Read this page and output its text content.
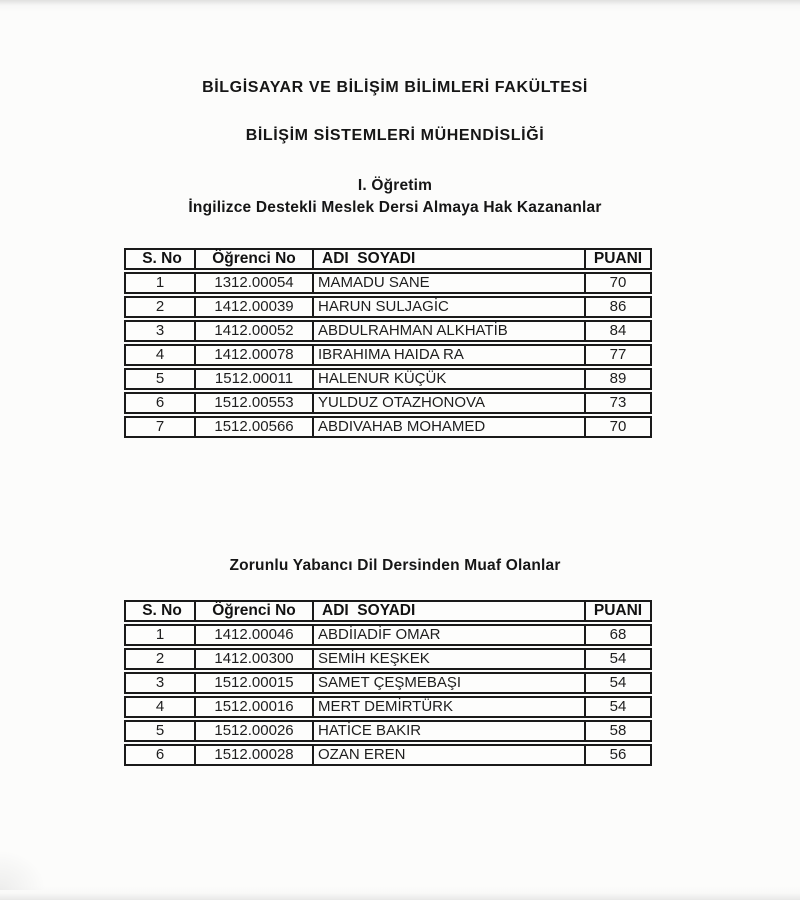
BİLGİSAYAR VE BİLİŞİM BİLİMLERİ FAKÜLTESİ
BİLİŞİM SİSTEMLERİ MÜHENDİSLİĞİ
I. Öğretim
İngilizce Destekli Meslek Dersi Almaya Hak Kazananlar
S. No	Öğrenci No	ADI  SOYADI	PUANI
1	1312.00054	MAMADU SANE	70
2	1412.00039	HARUN SULJAGİC	86
3	1412.00052	ABDULRAHMAN ALKHATİB	84
4	1412.00078	IBRAHIMA HAIDA RA	77
5	1512.00011	HALENUR KÜÇÜK	89
6	1512.00553	YULDUZ OTAZHONOVA	73
7	1512.00566	ABDIVAHAB MOHAMED	70
Zorunlu Yabancı Dil Dersinden Muaf Olanlar
S. No	Öğrenci No	ADI  SOYADI	PUANI
1	1412.00046	ABDİIADİF OMAR	68
2	1412.00300	SEMİH KEŞKEK	54
3	1512.00015	SAMET ÇEŞMEBAŞI	54
4	1512.00016	MERT DEMİRTÜRK	54
5	1512.00026	HATİCE BAKIR	58
6	1512.00028	OZAN EREN	56
